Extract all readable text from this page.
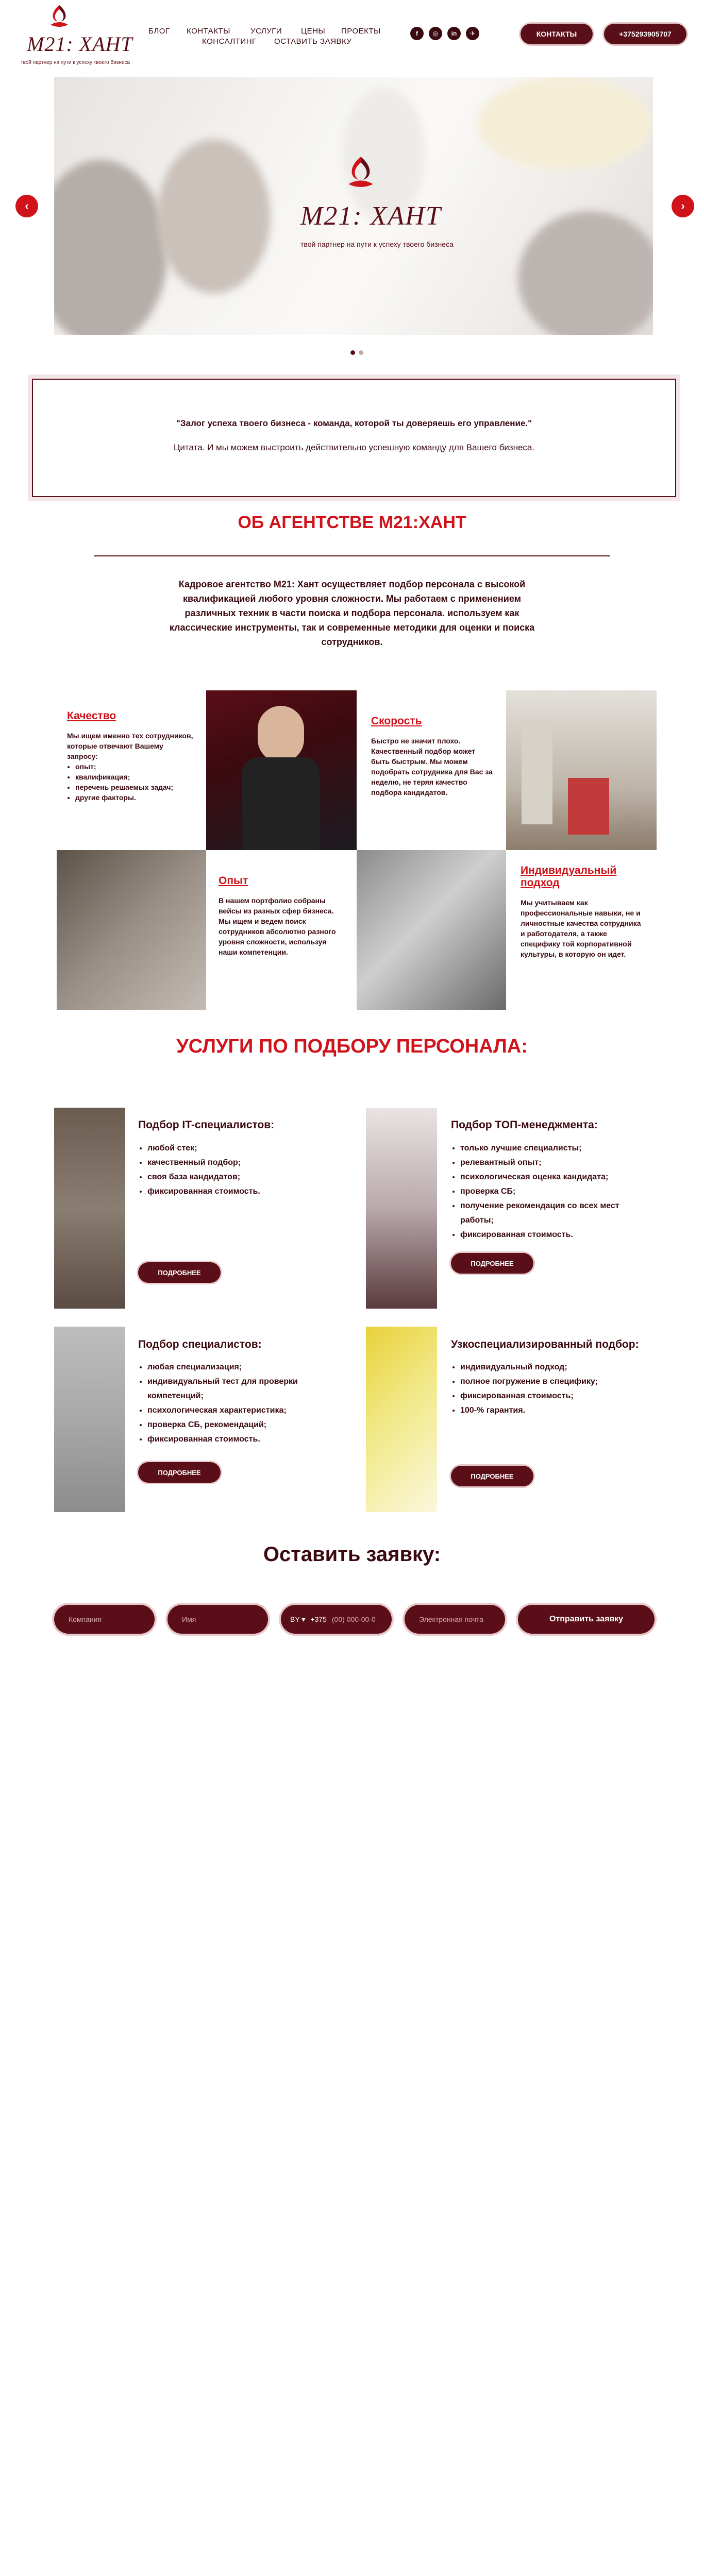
М21: ХАНТ
твой партнер на пути к успеху твоего бизнеса
БЛОГ КОНТАКТЫ	УСЛУГИ ЦЕНЫ ПРОЕКТЫ
КОНСАЛТИНГ ОСТАВИТЬ ЗАЯВКУ
f	◎	in	✈	КОНТАКТЫ	+375293905707
М21: ХАНТ
твой партнер на пути к успеху твоего бизнеса
‹	›
"Залог успеха твоего бизнеса - команда, которой ты доверяешь его управление."
Цитата. И мы можем выстроить действительно успешную команду для Вашего бизнеса.
ОБ АГЕНТСТВЕ М21:ХАНТ
Кадровое агентство М21: Хант осуществляет подбор персонала с высокой квалификацией любого уровня сложности. Мы работаем с применением различных техник в части поиска и подбора персонала. используем как классические инструменты, так и современные методики для оценки и поиска сотрудников.
Качество
Мы ищем именно тех сотрудников, которые отвечают Вашему запросу:
• опыт;
• квалификация;
• перечень решаемых задач;
• другие факторы.
Скорость
Быстро не значит плохо. Качественный подбор может быть быстрым. Мы можем подобрать сотрудника для Вас за неделю, не теряя качество подбора кандидатов.
Опыт
В нашем портфолио собраны вейсы из разных сфер бизнеса. Мы ищем и ведем поиск сотрудников абсолютно разного уровня сложности, используя наши компетенции.
Индивидуальный подход
Мы учитываем как профессиональные навыки, не и личностные качества сотрудника и работодателя, а также специфику той корпоративной культуры, в которую он идет.
УСЛУГИ ПО ПОДБОРУ ПЕРСОНАЛА:
Подбор IT-специалистов:
• любой стек;
• качественный подбор;
• своя база кандидатов;
• фиксированная стоимость.
ПОДРОБНЕЕ
Подбор ТОП-менеджмента:
• только лучшие специалисты;
• релевантный опыт;
• психологическая оценка кандидата;
• проверка СБ;
• получение рекомендация со всех мест работы;
• фиксированная стоимость.
ПОДРОБНЕЕ
Подбор специалистов:
• любая специализация;
• индивидуальный тест для проверки компетенций;
• психологическая характеристика;
• проверка СБ, рекомендаций;
• фиксированная стоимость.
ПОДРОБНЕЕ
Узкоспециализированный подбор:
• индивидуальный подход;
• полное погружение в специфику;
• фиксированная стоимость;
• 100-% гарантия.
ПОДРОБНЕЕ
Оставить заявку:
Компания	Имя	BY ▾ +375 (00) 000-00-0	Электронная почта	Отправить заявку
